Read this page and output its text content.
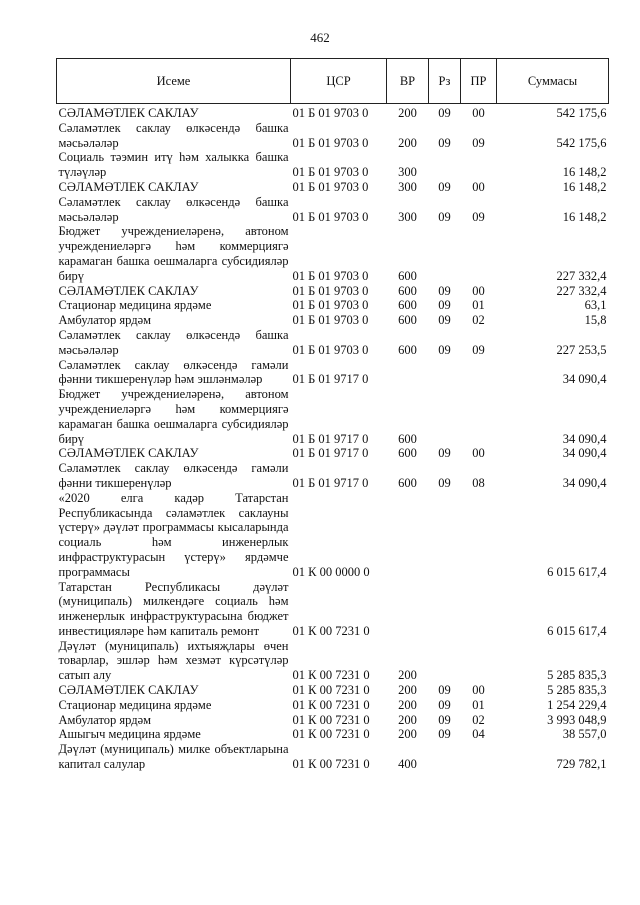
462
Исеме	ЦСР	ВР	Рз	ПР	Суммасы
СӘЛАМӘТЛЕК САКЛАУ	01 Б 01 9703 0	200	09	00	542 175,6
Сәламәтлек саклау өлкәсендә башка мәсьәләләр	01 Б 01 9703 0	200	09	09	542 175,6
Социаль тәэмин итү һәм халыкка башка түләүләр	01 Б 01 9703 0	300			16 148,2
СӘЛАМӘТЛЕК САКЛАУ	01 Б 01 9703 0	300	09	00	16 148,2
Сәламәтлек саклау өлкәсендә башка мәсьәләләр	01 Б 01 9703 0	300	09	09	16 148,2
Бюджет учреждениеләренә, автоном учреждениеләргә һәм коммерциягә карамаган башка оешмаларга субсидияләр бирү	01 Б 01 9703 0	600			227 332,4
СӘЛАМӘТЛЕК САКЛАУ	01 Б 01 9703 0	600	09	00	227 332,4
Стационар медицина ярдәме	01 Б 01 9703 0	600	09	01	63,1
Амбулатор ярдәм	01 Б 01 9703 0	600	09	02	15,8
Сәламәтлек саклау өлкәсендә башка мәсьәләләр	01 Б 01 9703 0	600	09	09	227 253,5
Сәламәтлек саклау өлкәсендә гамәли фәнни тикшеренүләр һәм эшләнмәләр	01 Б 01 9717 0				34 090,4
Бюджет учреждениеләренә, автоном учреждениеләргә һәм коммерциягә карамаган башка оешмаларга субсидияләр бирү	01 Б 01 9717 0	600			34 090,4
СӘЛАМӘТЛЕК САКЛАУ	01 Б 01 9717 0	600	09	00	34 090,4
Сәламәтлек саклау өлкәсендә гамәли фәнни тикшеренүләр	01 Б 01 9717 0	600	09	08	34 090,4
«2020 елга кадәр Татарстан Республикасында сәламәтлек саклауны үстерү» дәүләт программасы кысаларында социаль һәм инженерлык инфраструктурасын үстерү» ярдәмче программасы	01 К 00 0000 0				6 015 617,4
Татарстан Республикасы дәүләт (муниципаль) милкендәге социаль һәм инженерлык инфраструктурасына бюджет инвестицияләре һәм капиталь ремонт	01 К 00 7231 0				6 015 617,4
Дәүләт (муниципаль) ихтыяҗлары өчен товарлар, эшләр һәм хезмәт күрсәтүләр сатып алу	01 К 00 7231 0	200			5 285 835,3
СӘЛАМӘТЛЕК САКЛАУ	01 К 00 7231 0	200	09	00	5 285 835,3
Стационар медицина ярдәме	01 К 00 7231 0	200	09	01	1 254 229,4
Амбулатор ярдәм	01 К 00 7231 0	200	09	02	3 993 048,9
Ашыгыч медицина ярдәме	01 К 00 7231 0	200	09	04	38 557,0
Дәүләт (муниципаль) милке объектларына капитал салулар	01 К 00 7231 0	400			729 782,1
